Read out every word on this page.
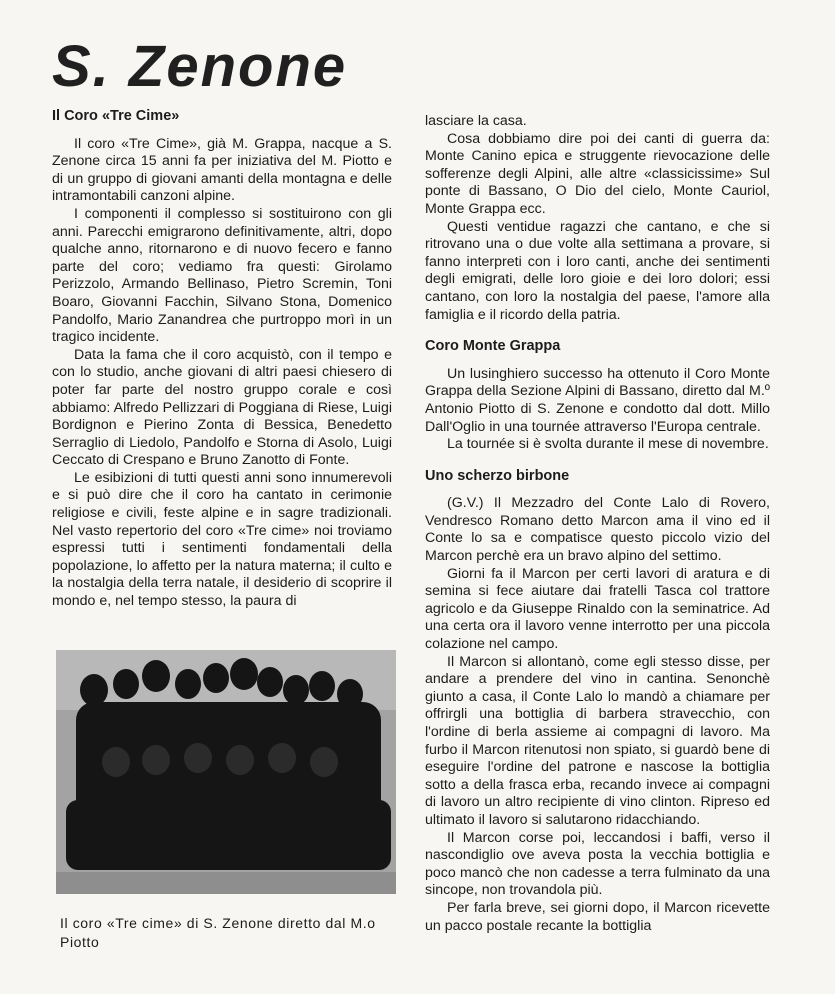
S. Zenone
Il Coro «Tre Cime»

Il coro «Tre Cime», già M. Grappa, nacque a S. Zenone circa 15 anni fa per iniziativa del M. Piotto e di un gruppo di giovani amanti della montagna e delle intramontabili canzoni alpine.

I componenti il complesso si sostituirono con gli anni. Parecchi emigrarono definitivamente, altri, dopo qualche anno, ritornarono e di nuovo fecero e fanno parte del coro; vediamo fra questi: Girolamo Perizzolo, Armando Bellinaso, Pietro Scremin, Toni Boaro, Giovanni Facchin, Silvano Stona, Domenico Pandolfo, Mario Zanandrea che purtroppo morì in un tragico incidente.

Data la fama che il coro acquistò, con il tempo e con lo studio, anche giovani di altri paesi chiesero di poter far parte del nostro gruppo corale e così abbiamo: Alfredo Pellizzari di Poggiana di Riese, Luigi Bordignon e Pierino Zonta di Bessica, Benedetto Serraglio di Liedolo, Pandolfo e Storna di Asolo, Luigi Ceccato di Crespano e Bruno Zanotto di Fonte.

Le esibizioni di tutti questi anni sono innumerevoli e si può dire che il coro ha cantato in cerimonie religiose e civili, feste alpine e in sagre tradizionali. Nel vasto repertorio del coro «Tre cime» noi troviamo espressi tutti i sentimenti fondamentali della popolazione, lo affetto per la natura materna; il culto e la nostalgia della terra natale, il desiderio di scoprire il mondo e, nel tempo stesso, la paura di

lasciare la casa.

Cosa dobbiamo dire poi dei canti di guerra da: Monte Canino epica e struggente rievocazione delle sofferenze degli Alpini, alle altre «classicissime» Sul ponte di Bassano, O Dio del cielo, Monte Cauriol, Monte Grappa ecc.

Questi ventidue ragazzi che cantano, e che si ritrovano una o due volte alla settimana a provare, si fanno interpreti con i loro canti, anche dei sentimenti degli emigrati, delle loro gioie e dei loro dolori; essi cantano, con loro la nostalgia del paese, l'amore alla famiglia e il ricordo della patria.

Coro Monte Grappa

Un lusinghiero successo ha ottenuto il Coro Monte Grappa della Sezione Alpini di Bassano, diretto dal M.º Antonio Piotto di S. Zenone e condotto dal dott. Millo Dall'Oglio in una tournée attraverso l'Europa centrale.

La tournée si è svolta durante il mese di novembre.

Uno scherzo birbone

(G.V.) Il Mezzadro del Conte Lalo di Rovero, Vendresco Romano detto Marcon ama il vino ed il Conte lo sa e compatisce questo piccolo vizio del Marcon perchè era un bravo alpino del settimo.

Giorni fa il Marcon per certi lavori di aratura e di semina si fece aiutare dai fratelli Tasca col trattore agricolo e da Giuseppe Rinaldo con la seminatrice. Ad una certa ora il lavoro venne interrotto per una piccola colazione nel campo.

Il Marcon si allontanò, come egli stesso disse, per andare a prendere del vino in cantina. Senonchè giunto a casa, il Conte Lalo lo mandò a chiamare per offrirgli una bottiglia di barbera stravecchio, con l'ordine di berla assieme ai compagni di lavoro. Ma furbo il Marcon ritenutosi non spiato, si guardò bene di eseguire l'ordine del patrone e nascose la bottiglia sotto a della frasca erba, recando invece ai compagni di lavoro un altro recipiente di vino clinton. Ripreso ed ultimato il lavoro si salutarono ridacchiando.

Il Marcon corse poi, leccandosi i baffi, verso il nascondiglio ove aveva posta la vecchia bottiglia e poco mancò che non cadesse a terra fulminato da una sincope, non trovandola più.

Per farla breve, sei giorni dopo, il Marcon ricevette un pacco postale recante la bottiglia

Il coro «Tre cime» di S. Zenone diretto dal M.o Piotto
